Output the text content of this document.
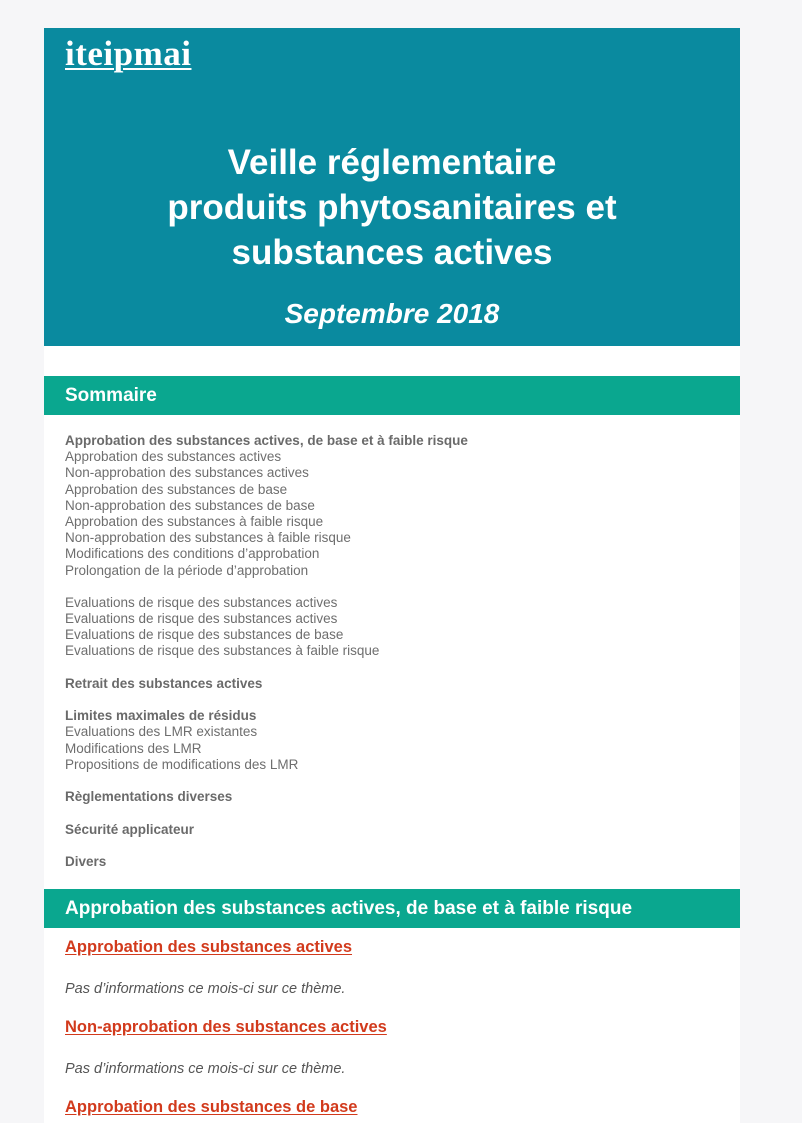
iteipmai
Veille réglementaire
produits phytosanitaires et
substances actives
Septembre 2018
Sommaire
Approbation des substances actives, de base et à faible risque
Approbation des substances actives
Non-approbation des substances actives
Approbation des substances de base
Non-approbation des substances de base
Approbation des substances à faible risque
Non-approbation des substances à faible risque
Modifications des conditions d’approbation
Prolongation de la période d’approbation
Evaluations de risque des substances actives
Evaluations de risque des substances actives
Evaluations de risque des substances de base
Evaluations de risque des substances à faible risque
Retrait des substances actives
Limites maximales de résidus
Evaluations des LMR existantes
Modifications des LMR
Propositions de modifications des LMR
Règlementations diverses
Sécurité applicateur
Divers
Approbation des substances actives, de base et à faible risque
Approbation des substances actives
Pas d’informations ce mois-ci sur ce thème.
Non-approbation des substances actives
Pas d’informations ce mois-ci sur ce thème.
Approbation des substances de base
